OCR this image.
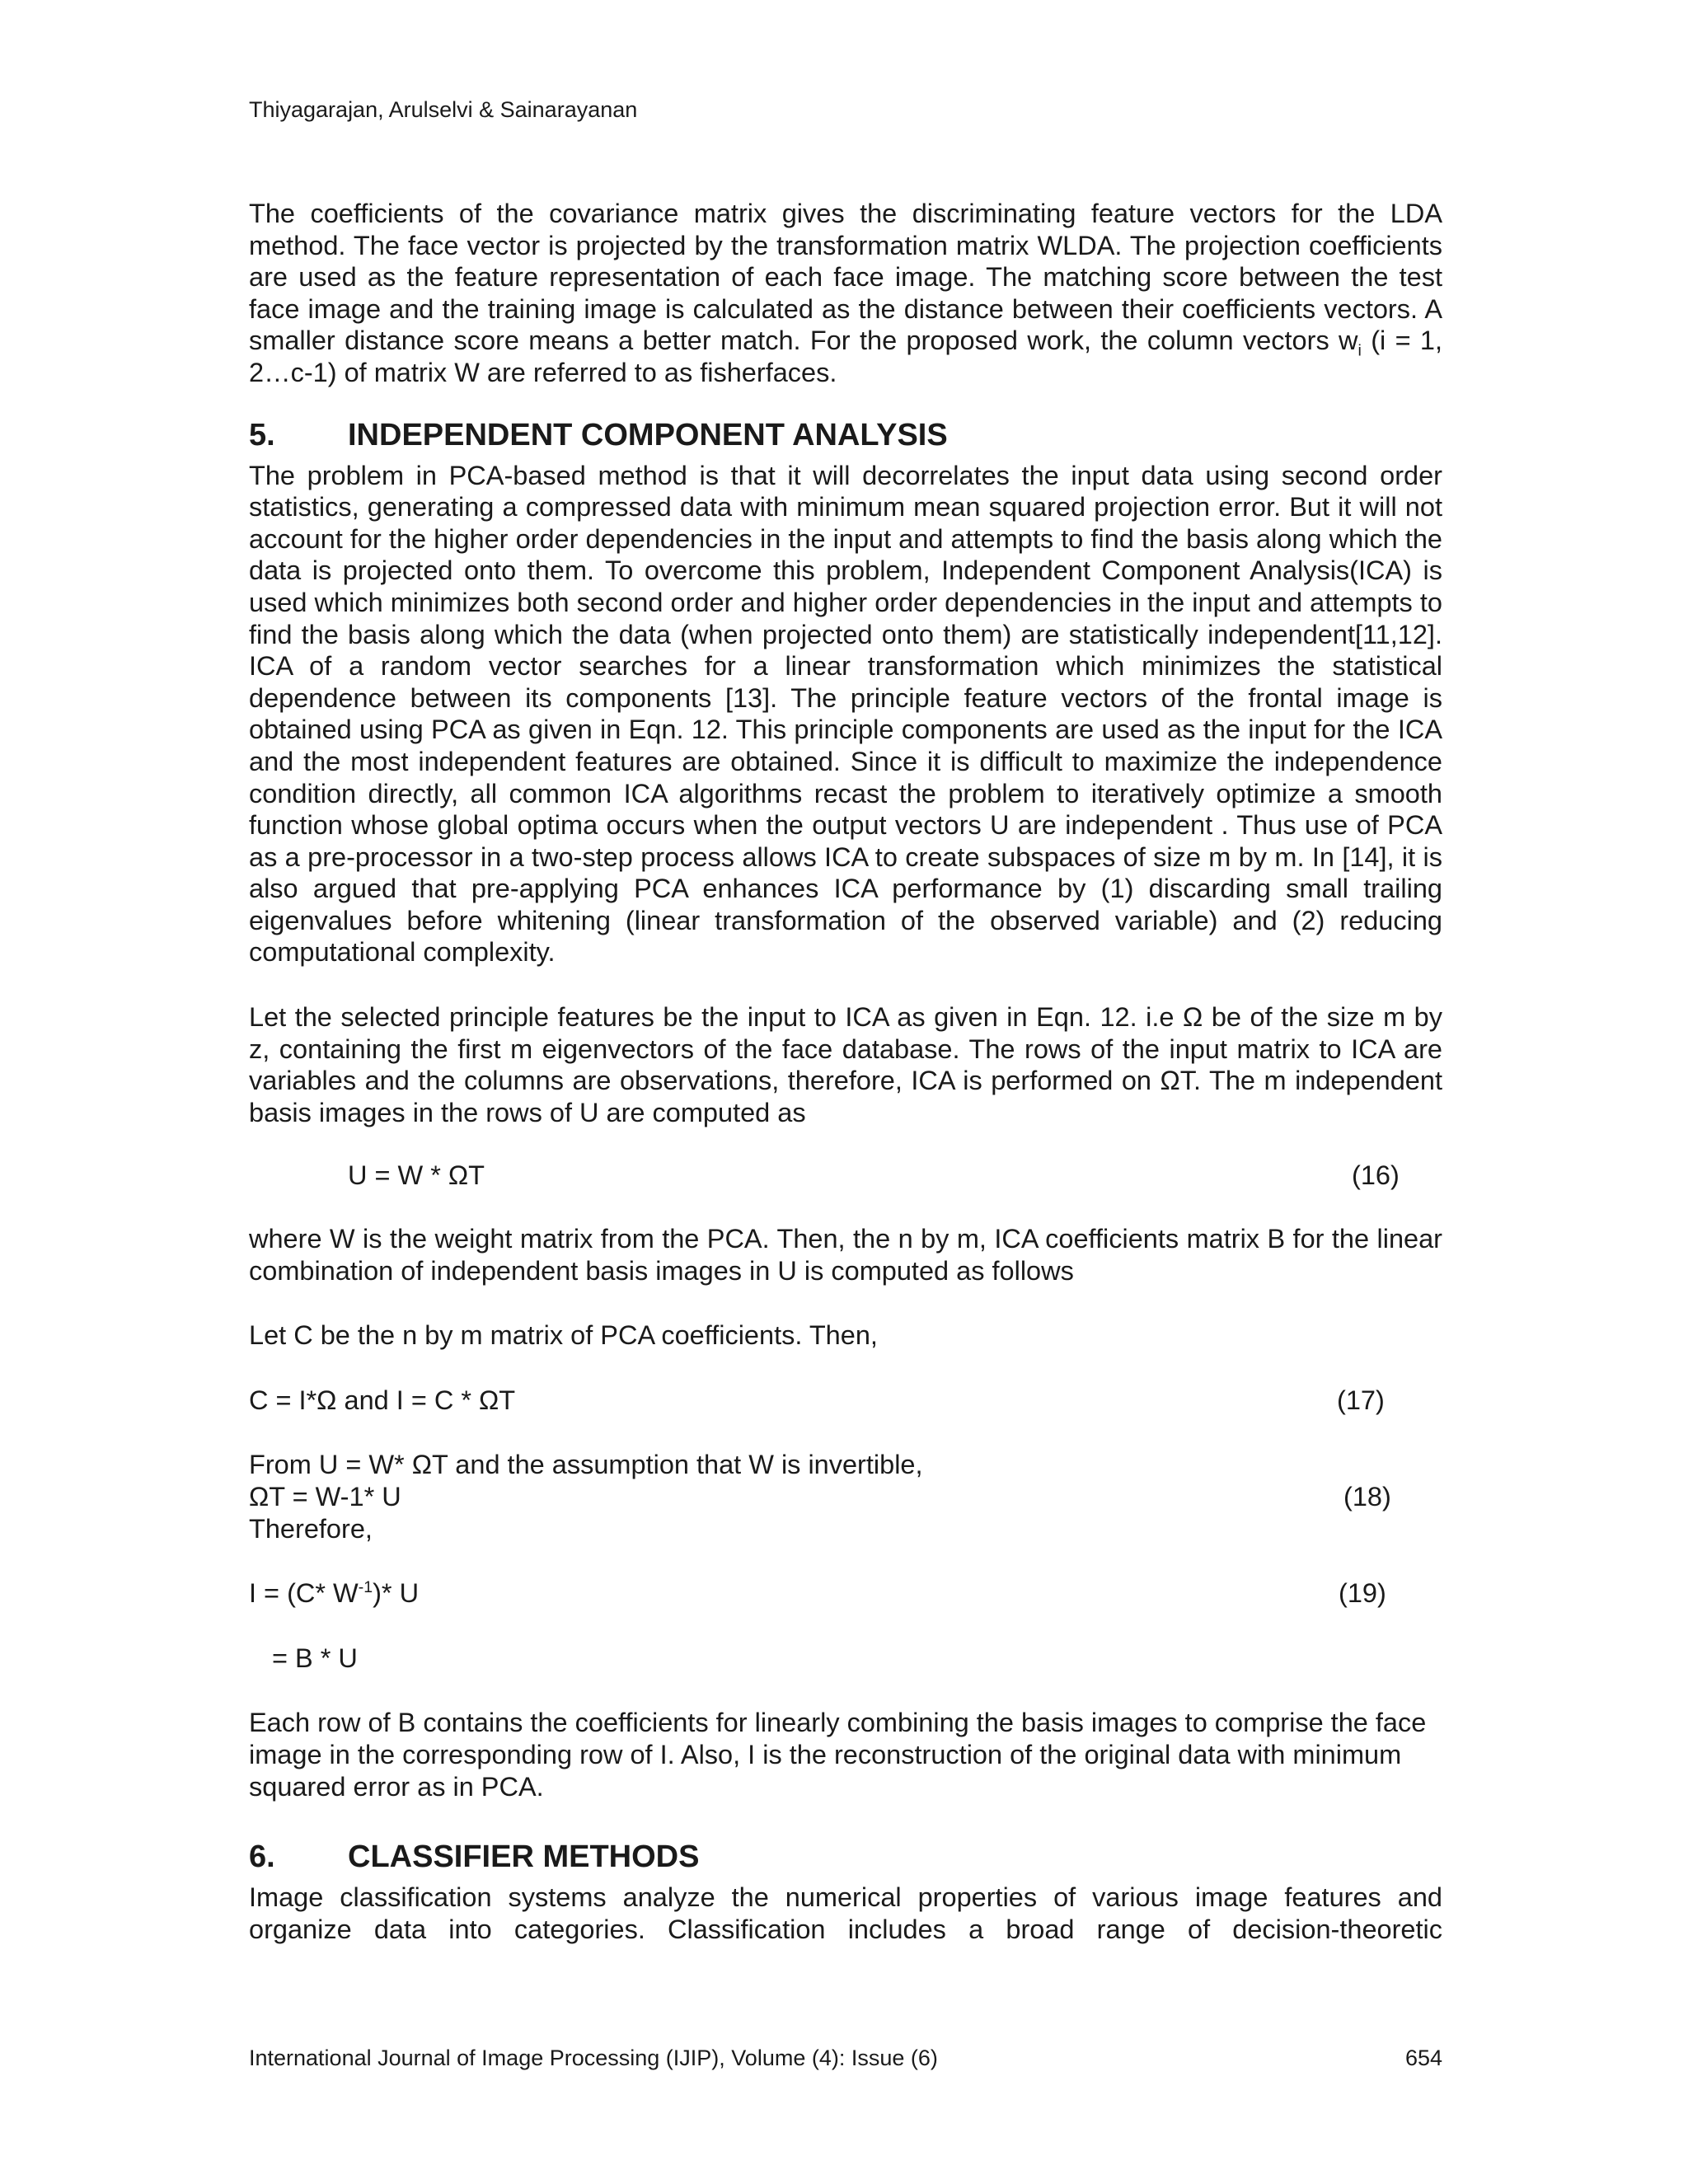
Thiyagarajan, Arulselvi & Sainarayanan

The coefficients of the covariance matrix gives the discriminating feature vectors for the LDA method. The face vector is projected by the transformation matrix WLDA. The projection coefficients are used as the feature representation of each face image. The matching score between the test face image and the training image is calculated as the distance between their coefficients vectors. A smaller distance score means a better match. For the proposed work, the column vectors $w_i$ (i = 1, 2…c-1) of matrix W are referred to as fisherfaces.

5.	INDEPENDENT COMPONENT ANALYSIS

The problem in PCA-based method is that it will decorrelates the input data using second order statistics, generating a compressed data with minimum mean squared projection error. But it will not account for the higher order dependencies in the input and attempts to find the basis along which the data is projected onto them. To overcome this problem, Independent Component Analysis(ICA) is used which minimizes both second order and higher order dependencies in the input and attempts to find the basis along which the data (when projected onto them) are statistically independent[11,12]. ICA of a random vector searches for a linear transformation which minimizes the statistical dependence between its components [13]. The principle feature vectors of the frontal image is obtained using PCA as given in Eqn. 12. This principle components are used as the input for the ICA and the most independent features are obtained. Since it is difficult to maximize the independence condition directly, all common ICA algorithms recast the problem to iteratively optimize a smooth function whose global optima occurs when the output vectors U are independent . Thus use of PCA as a pre-processor in a two-step process allows ICA to create subspaces of size m by m. In [14], it is also argued that pre-applying PCA enhances ICA performance by (1) discarding small trailing eigenvalues before whitening (linear transformation of the observed variable) and (2) reducing computational complexity.

Let the selected principle features be the input to ICA as given in Eqn. 12. i.e Ω be of the size m by z, containing the first m eigenvectors of the face database. The rows of the input matrix to ICA are variables and the columns are observations, therefore, ICA is performed on ΩT. The m independent basis images in the rows of U are computed as

U = W * ΩT	(16)

where W is the weight matrix from the PCA. Then, the n by m, ICA coefficients matrix B for the linear combination of independent basis images in U is computed as follows

Let C be the n by m matrix of PCA coefficients. Then,

C = I*Ω and I = C * ΩT	(17)

From U = W* ΩT and the assumption that W is invertible,

ΩT = W-1* U	(18)

Therefore,

I = (C* $W^{-1})*$ U	(19)

= B * U

Each row of B contains the coefficients for linearly combining the basis images to comprise the face image in the corresponding row of I. Also, I is the reconstruction of the original data with minimum squared error as in PCA.

6.	CLASSIFIER METHODS

Image classification systems analyze the numerical properties of various image features and organize data into categories. Classification includes a broad range of decision-theoretic

International Journal of Image Processing (IJIP), Volume (4): Issue (6)	654
